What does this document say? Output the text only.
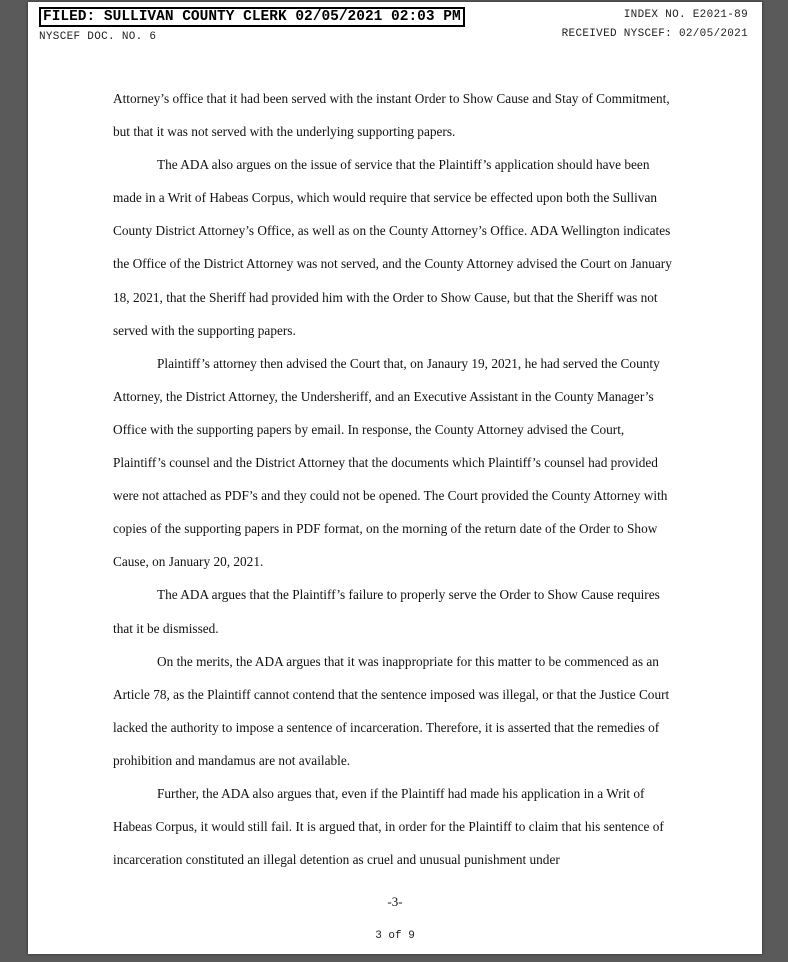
FILED: SULLIVAN COUNTY CLERK 02/05/2021 02:03 PM
NYSCEF DOC. NO. 6
INDEX NO. E2021-89
RECEIVED NYSCEF: 02/05/2021

Attorney’s office that it had been served with the instant Order to Show Cause and Stay of Commitment, but that it was not served with the underlying supporting papers.

The ADA also argues on the issue of service that the Plaintiff’s application should have been made in a Writ of Habeas Corpus, which would require that service be effected upon both the Sullivan County District Attorney’s Office, as well as on the County Attorney’s Office. ADA Wellington indicates the Office of the District Attorney was not served, and the County Attorney advised the Court on January 18, 2021, that the Sheriff had provided him with the Order to Show Cause, but that the Sheriff was not served with the supporting papers.

Plaintiff’s attorney then advised the Court that, on Janaury 19, 2021, he had served the County Attorney, the District Attorney, the Undersheriff, and an Executive Assistant in the County Manager’s Office with the supporting papers by email. In response, the County Attorney advised the Court, Plaintiff’s counsel and the District Attorney that the documents which Plaintiff’s counsel had provided were not attached as PDF’s and they could not be opened. The Court provided the County Attorney with copies of the supporting papers in PDF format, on the morning of the return date of the Order to Show Cause, on January 20, 2021.

The ADA argues that the Plaintiff’s failure to properly serve the Order to Show Cause requires that it be dismissed.

On the merits, the ADA argues that it was inappropriate for this matter to be commenced as an Article 78, as the Plaintiff cannot contend that the sentence imposed was illegal, or that the Justice Court lacked the authority to impose a sentence of incarceration. Therefore, it is asserted that the remedies of prohibition and mandamus are not available.

Further, the ADA also argues that, even if the Plaintiff had made his application in a Writ of Habeas Corpus, it would still fail. It is argued that, in order for the Plaintiff to claim that his sentence of incarceration constituted an illegal detention as cruel and unusual punishment under

-3-
3 of 9
